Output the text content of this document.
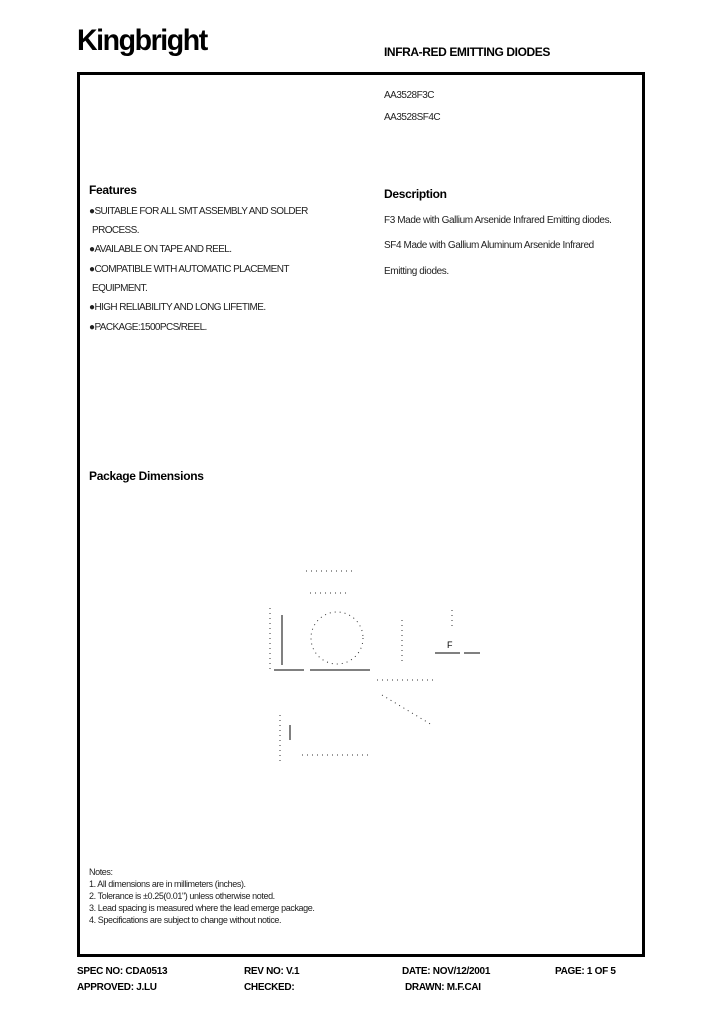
Kingbright	INFRA-RED EMITTING DIODES
AA3528F3C
AA3528SF4C
Features
●SUITABLE FOR ALL SMT ASSEMBLY AND SOLDER
PROCESS.
●AVAILABLE ON TAPE AND REEL.
●COMPATIBLE WITH AUTOMATIC PLACEMENT
EQUIPMENT.
●HIGH RELIABILITY AND LONG LIFETIME.
●PACKAGE:1500PCS/REEL.
Description
F3 Made with Gallium Arsenide Infrared Emitting diodes.
SF4 Made with Gallium Aluminum Arsenide Infrared
Emitting diodes.
Package Dimensions
F
Notes:
1. All dimensions are in millimeters (inches).
2. Tolerance is ±0.25(0.01") unless otherwise noted.
3. Lead spacing is measured where the lead emerge package.
4. Specifications are subject to change without notice.
SPEC NO: CDA0513	REV NO: V.1	DATE: NOV/12/2001	PAGE: 1 OF 5
APPROVED: J.LU	CHECKED:	DRAWN: M.F.CAI
